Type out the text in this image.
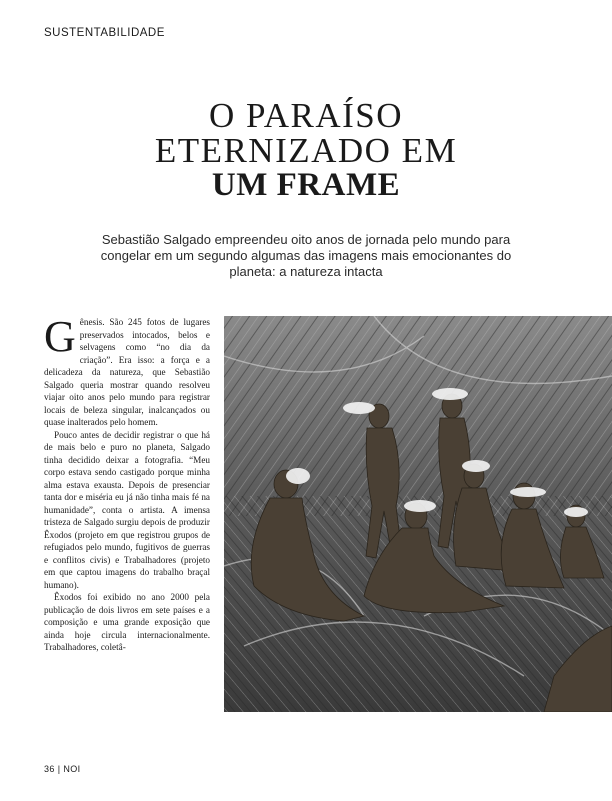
SUSTENTABILIDADE
O PARAÍSO
ETERNIZADO EM
UM FRAME
Sebastião Salgado empreendeu oito anos de jornada pelo mundo para congelar em um segundo algumas das imagens mais emocionantes do planeta: a natureza intacta

Gênesis. São 245 fotos de lugares preservados intocados, belos e selvagens como “no dia da criação”. Era isso: a força e a delicadeza da natureza, que Sebastião Salgado queria mostrar quando resolveu viajar oito anos pelo mundo para registrar locais de beleza singular, inalcançados ou quase inalterados pelo homem.

Pouco antes de decidir registrar o que há de mais belo e puro no planeta, Salgado tinha decidido deixar a fotografia. “Meu corpo estava sendo castigado porque minha alma estava exausta. Depois de presenciar tanta dor e miséria eu já não tinha mais fé na humanidade”, conta o artista. A imensa tristeza de Salgado surgiu depois de produzir Êxodos (projeto em que registrou grupos de refugiados pelo mundo, fugitivos de guerras e conflitos civis) e Trabalhadores (projeto em que captou imagens do trabalho braçal humano).

Êxodos foi exibido no ano 2000 pela publicação de dois livros em sete países e a composição e uma grande exposição que ainda hoje circula internacionalmente. Trabalhadores, coletâ-

36 | NOI
